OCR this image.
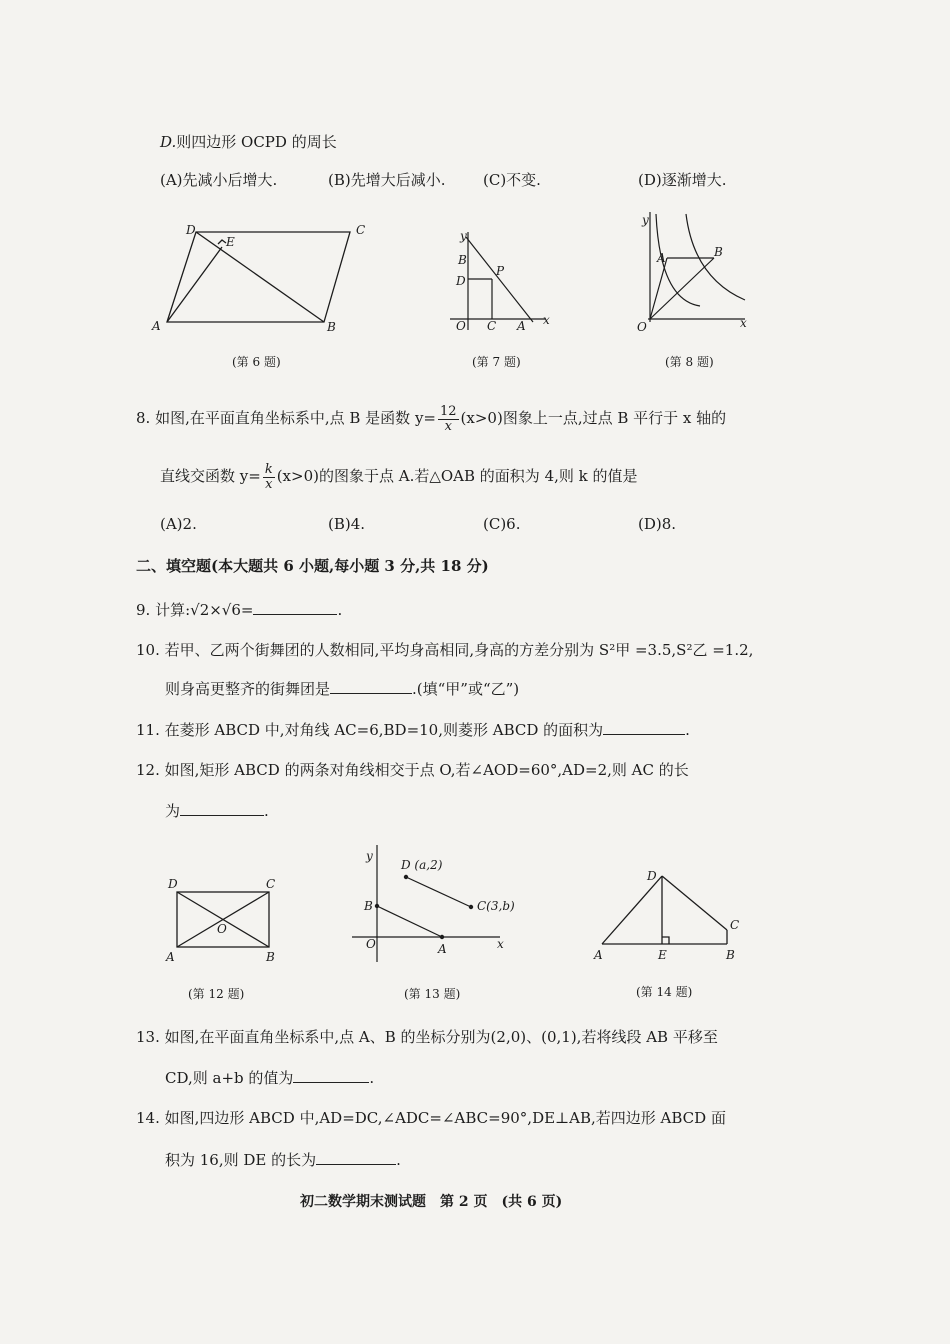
D.则四边形 OCPD 的周长
(A)先减小后增大.	(B)先增大后减小.	(C)不变.	(D)逐渐增大.
D	C
E
A	B
(第 6 题)
y
B
D
P
O C A x
(第 7 题)
y
A	B
O	x
(第 8 题)
8. 如图,在平面直角坐标系中,点 B 是函数 $y= \frac{12}{x} (x>0)$图象上一点,过点 B 平行于 x 轴的
直线交函数 $y= \frac{k}{x} (x>0)$的图象于点 A.若△OAB 的面积为 4,则 k 的值是
(A)2.	(B)4.	(C)6.	(D)8.
二、填空题(本大题共 6 小题,每小题 3 分,共 18 分)
9. 计算:√2×√6=	.
10. 若甲、乙两个街舞团的人数相同,平均身高相同,身高的方差分别为 S²甲 =3.5,S²乙 =1.2,
则身高更整齐的街舞团是	.(填“甲”或“乙”)
11. 在菱形 ABCD 中,对角线 AC=6,BD=10,则菱形 ABCD 的面积为	.
12. 如图,矩形 ABCD 的两条对角线相交于点 O,若∠AOD=60°,AD=2,则 AC 的长
为	.
D	C
O
A	B
(第 12 题)
y
D (a,2)
C(3,b)
B
O	A	x
(第 13 题)
D
C
A	E	B
(第 14 题)
13. 如图,在平面直角坐标系中,点 A、B 的坐标分别为(2,0)、(0,1),若将线段 AB 平移至
CD,则 a+b 的值为	.
14. 如图,四边形 ABCD 中,AD=DC,∠ADC=∠ABC=90°,DE⊥AB,若四边形 ABCD 面
积为 16,则 DE 的长为	.
初二数学期末测试题　第 2 页　(共 6 页)
